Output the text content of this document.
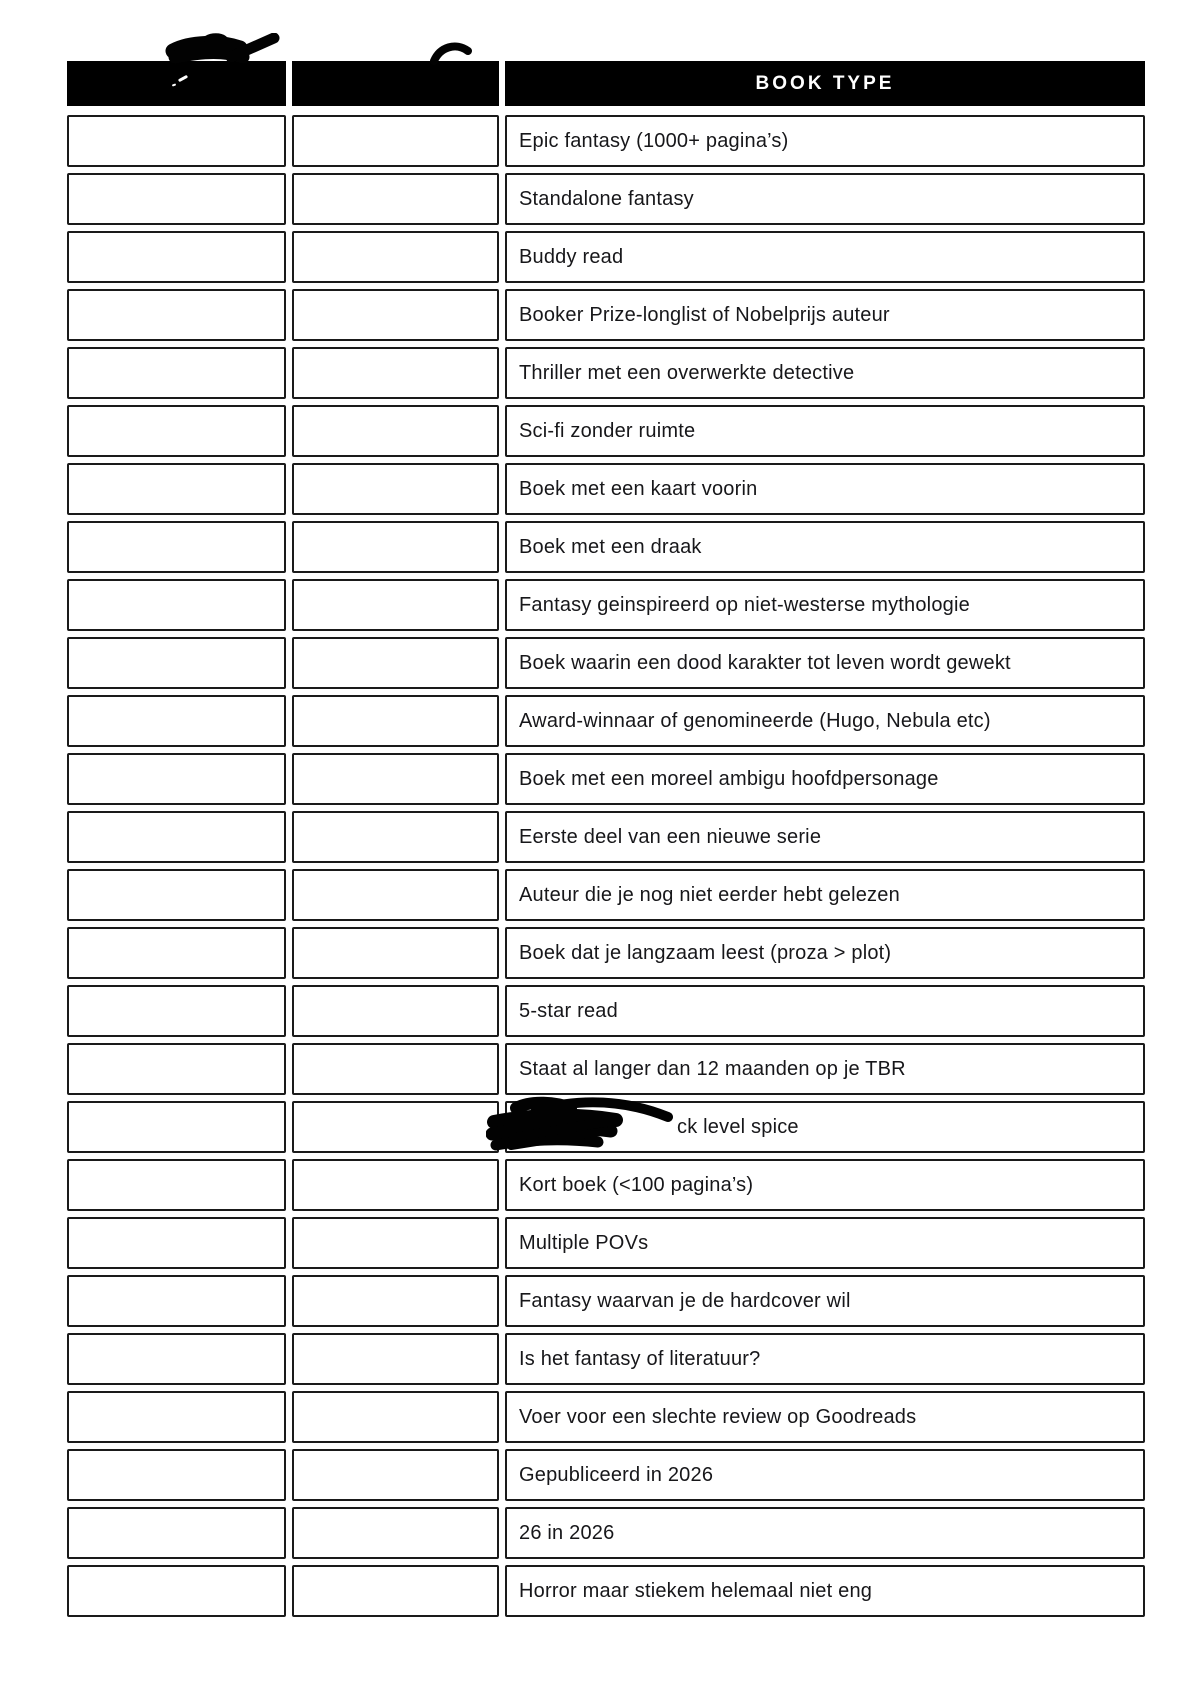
BOOK TYPE
Epic fantasy (1000+ pagina’s)
Standalone fantasy
Buddy read
Booker Prize-longlist of Nobelprijs auteur
Thriller met een overwerkte detective
Sci-fi zonder ruimte
Boek met een kaart voorin
Boek met een draak
Fantasy geinspireerd op niet-westerse mythologie
Boek waarin een dood karakter tot leven wordt gewekt
Award-winnaar of genomineerde (Hugo, Nebula etc)
Boek met een moreel ambigu hoofdpersonage
Eerste deel van een nieuwe serie
Auteur die je nog niet eerder hebt gelezen
Boek dat je langzaam leest (proza > plot)
5-star read
Staat al langer dan 12 maanden op je TBR
ck level spice
Kort boek (<100 pagina’s)
Multiple POVs
Fantasy waarvan je de hardcover wil
Is het fantasy of literatuur?
Voer voor een slechte review op Goodreads
Gepubliceerd in 2026
26 in 2026
Horror maar stiekem helemaal niet eng
